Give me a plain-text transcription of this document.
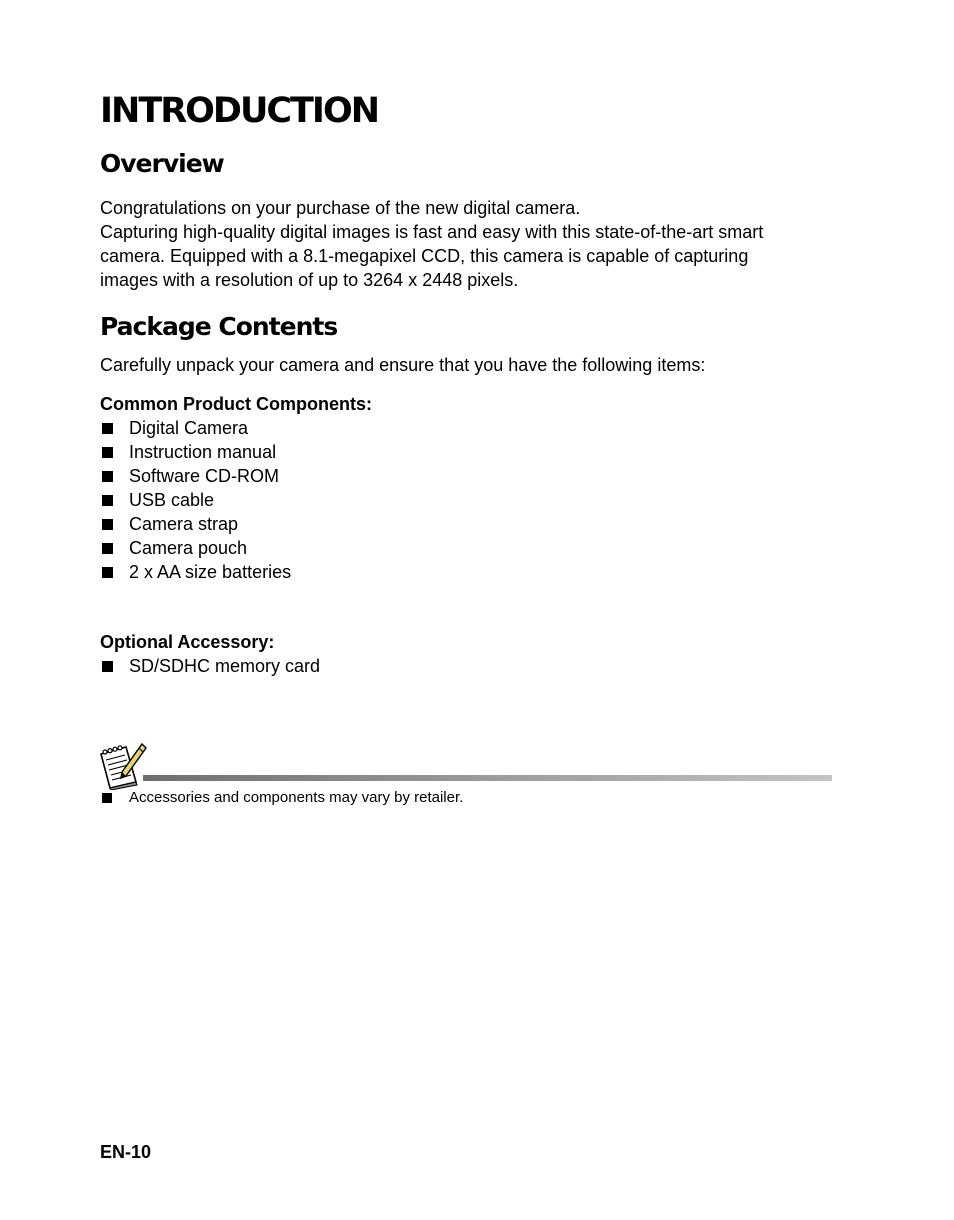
INTRODUCTION
Overview

Congratulations on your purchase of the new digital camera.

Capturing high-quality digital images is fast and easy with this state-of-the-art smart

camera. Equipped with a 8.1-megapixel CCD, this camera is capable of capturing

images with a resolution of up to 3264 x 2448 pixels.

Package Contents

Carefully unpack your camera and ensure that you have the following items:

Common Product Components:

Digital Camera
Instruction manual
Software CD-ROM
USB cable
Camera strap
Camera pouch
2 x AA size batteries

Optional Accessory:

SD/SDHC memory card
Accessories and components may vary by retailer.
EN-10
